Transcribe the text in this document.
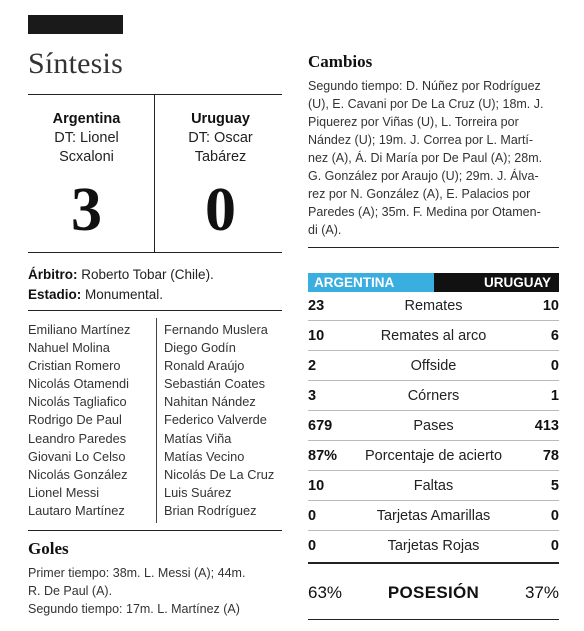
Síntesis
Argentina
DT: Lionel
Scxaloni
3
Uruguay
DT: Oscar
Tabárez
0
Árbitro: Roberto Tobar (Chile).
Estadio: Monumental.
Emiliano Martínez
Nahuel Molina
Cristian Romero
Nicolás Otamendi
Nicolás Tagliafico
Rodrigo De Paul
Leandro Paredes
Giovani Lo Celso
Nicolás González
Lionel Messi
Lautaro Martínez
Fernando Muslera
Diego Godín
Ronald Araújo
Sebastián Coates
Nahitan Nández
Federico Valverde
Matías Viña
Matías Vecino
Nicolás De La Cruz
Luis Suárez
Brian Rodríguez
Goles
Primer tiempo: 38m. L. Messi (A); 44m.
R. De Paul (A).
Segundo tiempo: 17m. L. Martínez (A)
Cambios
Segundo tiempo: D. Núñez por Rodríguez
(U), E. Cavani por De La Cruz (U); 18m. J.
Piquerez por Viñas (U), L. Torreira por
Nández (U); 19m. J. Correa por L. Martí-
nez (A), Á. Di María por De Paul (A); 28m.
G. González por Araujo (U); 29m. J. Álva-
rez por N. González (A), E. Palacios por
Paredes (A); 35m. F. Medina por Otamen-
di (A).
ARGENTINA	URUGUAY
23	Remates	10
10	Remates al arco	6
2	Offside	0
3	Córners	1
679	Pases	413
87%	Porcentaje de acierto	78
10	Faltas	5
0	Tarjetas Amarillas	0
0	Tarjetas Rojas	0
63%	POSESIÓN	37%
